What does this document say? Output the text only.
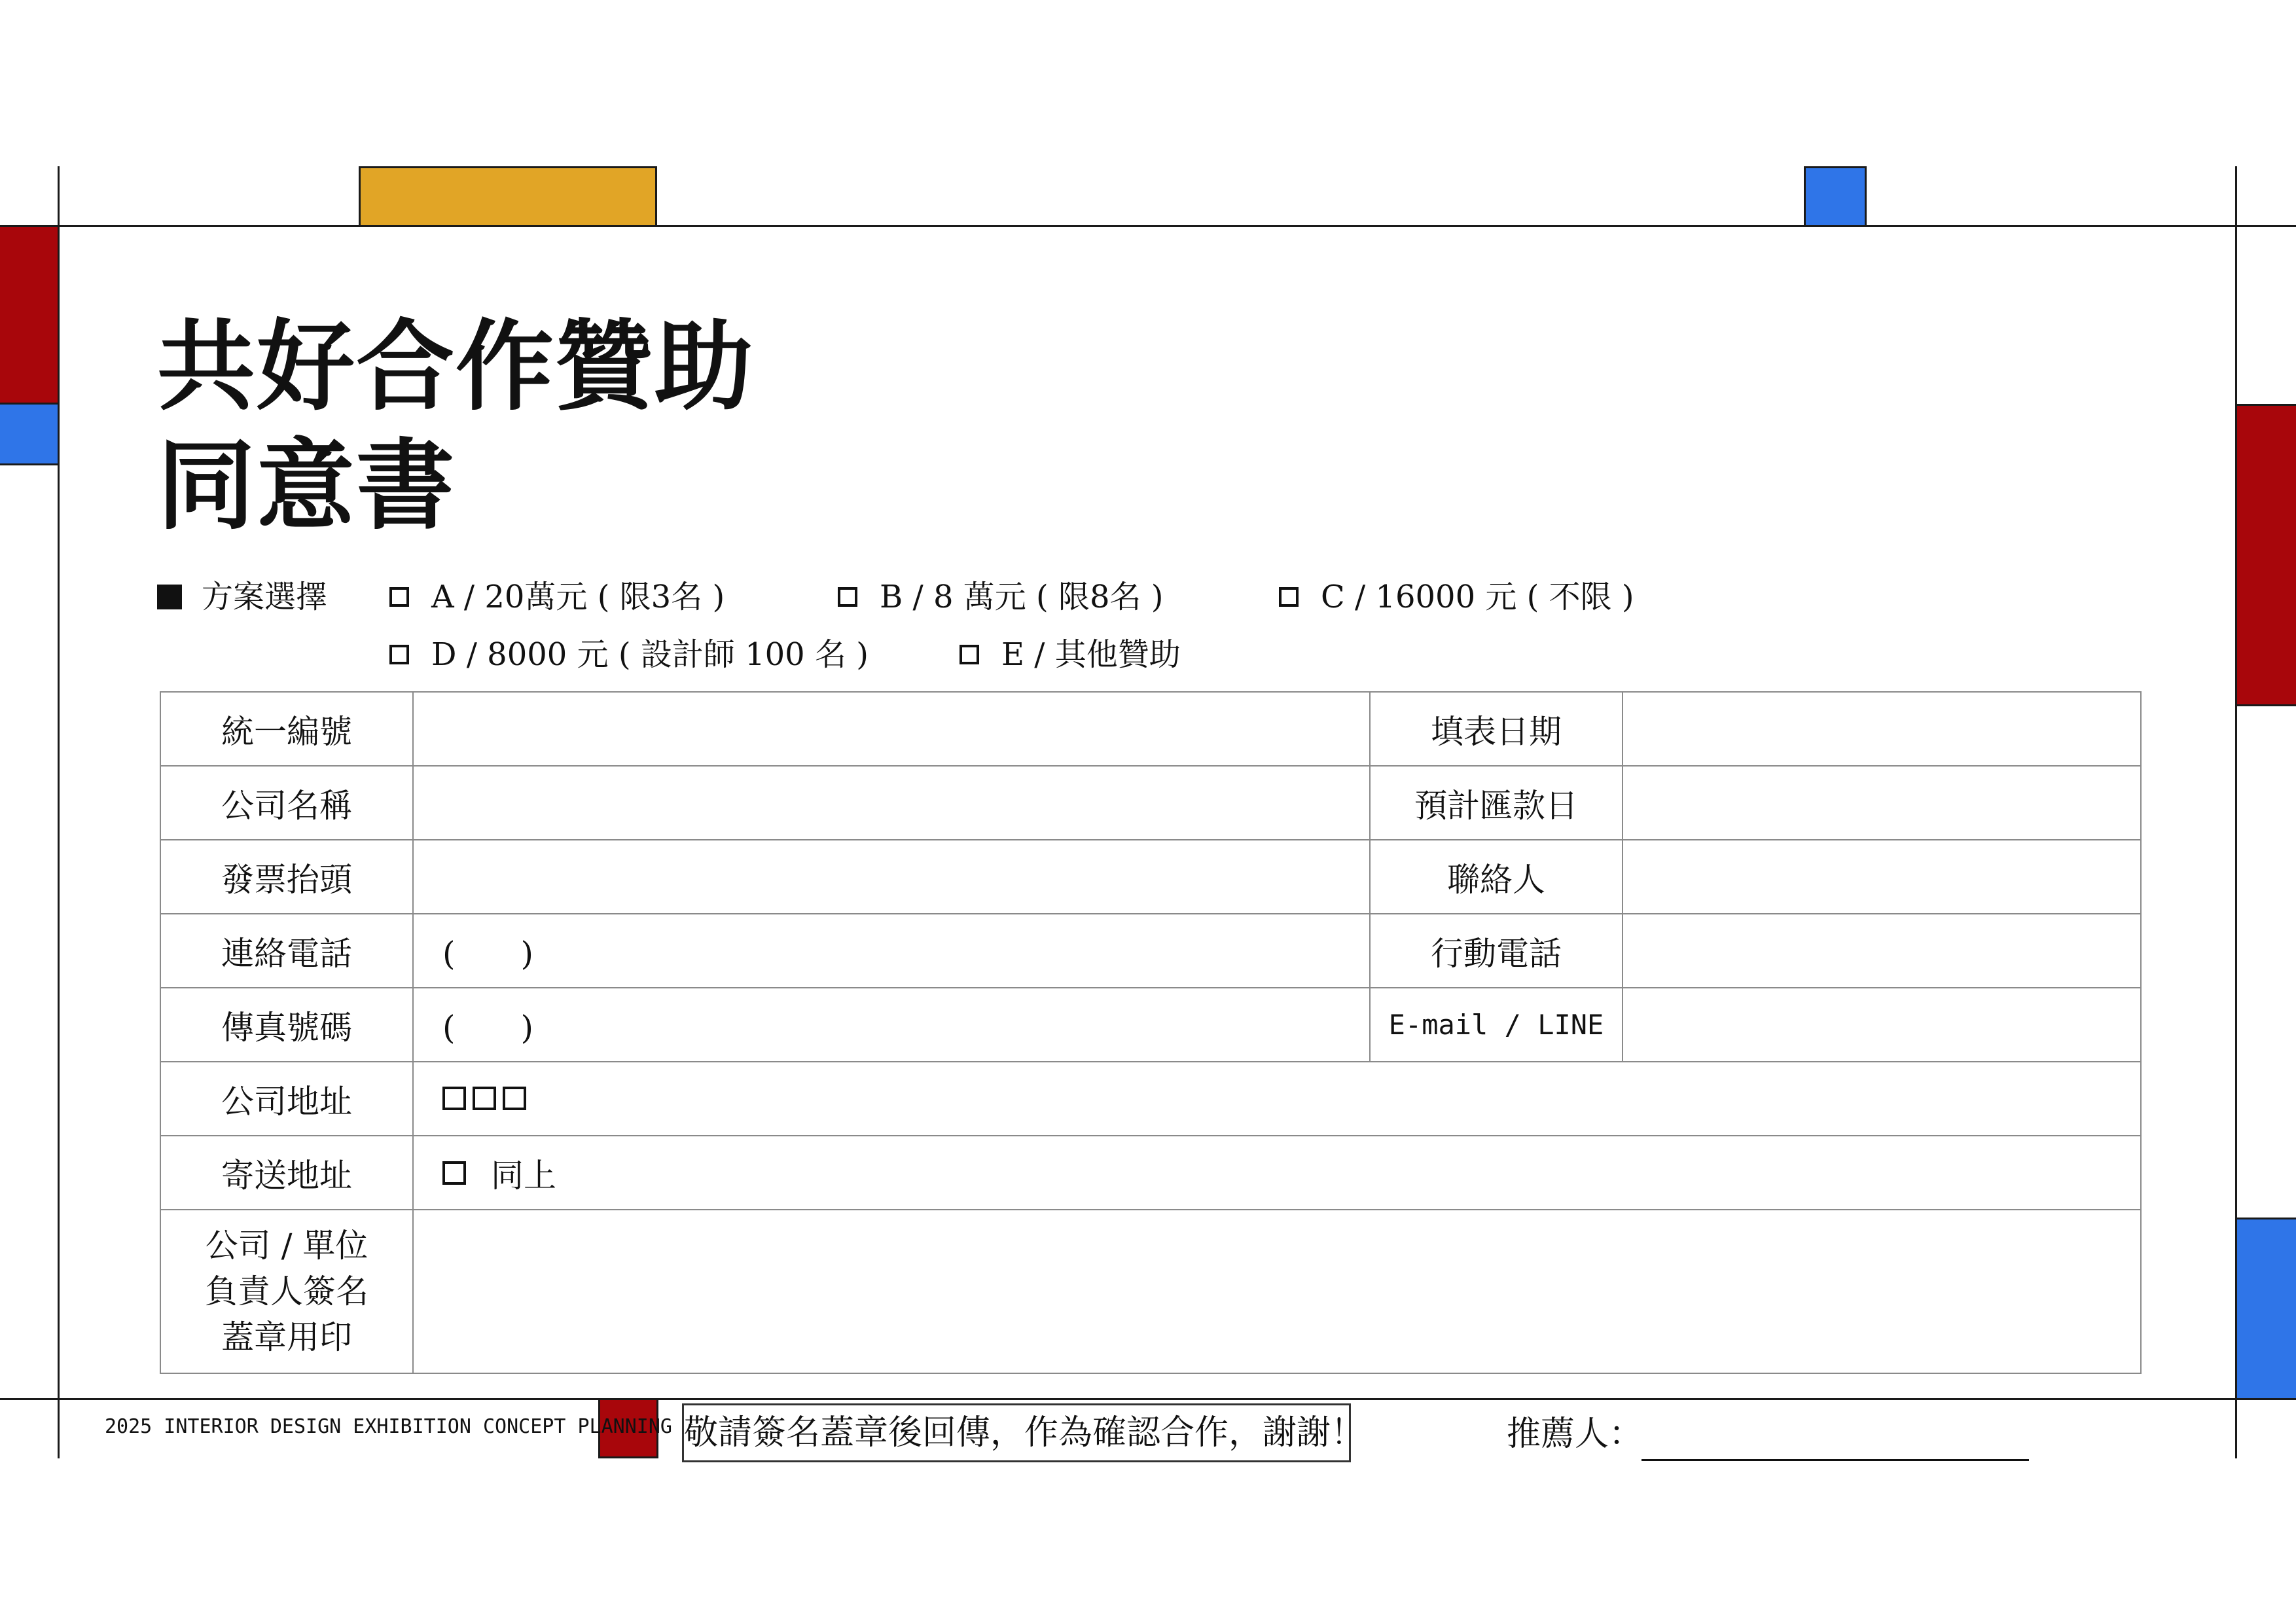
共好合作贊助
同意書
方案選擇	A / 20萬元 ( 限3名 )	B / 8 萬元 ( 限8名 )	C / 16000 元 ( 不限 )
D / 8000 元 ( 設計師 100 名 )	E / 其他贊助
統一編號		填表日期	
公司名稱		預計匯款日	
發票抬頭		聯絡人	
連絡電話	(　　)	行動電話	
傳真號碼	(　　)	E-mail / LINE	
公司地址			

寄送地址	同上		

公司 / 單位
負責人簽名
蓋章用印			

2025 INTERIOR DESIGN EXHIBITION CONCEPT PLANNING 敬請簽名蓋章後回傳，作為確認合作，謝謝！	推薦人：
